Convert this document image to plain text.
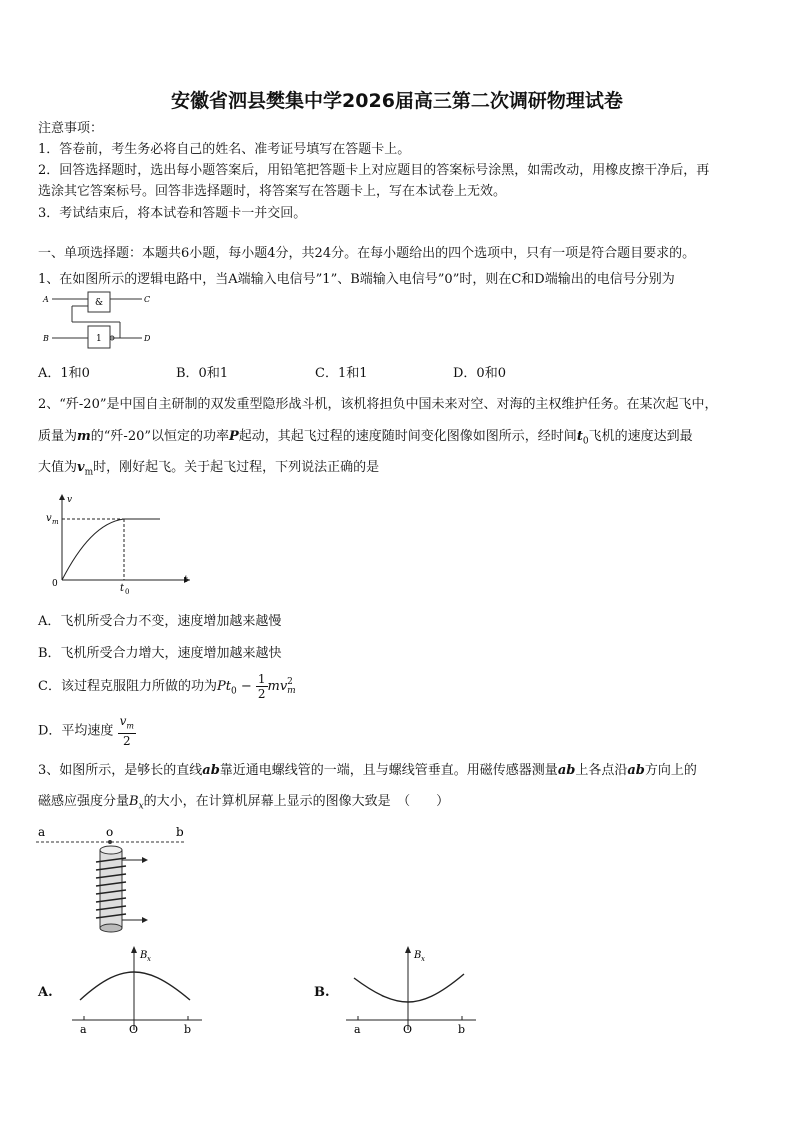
安徽省泗县樊集中学2026届高三第二次调研物理试卷
注意事项：
1．答卷前，考生务必将自己的姓名、准考证号填写在答题卡上。
2．回答选择题时，选出每小题答案后，用铅笔把答题卡上对应题目的答案标号涂黑，如需改动，用橡皮擦干净后，再
选涂其它答案标号。回答非选择题时，将答案写在答题卡上，写在本试卷上无效。
3．考试结束后，将本试卷和答题卡一并交回。
一、单项选择题：本题共6小题，每小题4分，共24分。在每小题给出的四个选项中，只有一项是符合题目要求的。
1、在如图所示的逻辑电路中，当A端输入电信号”1”、B端输入电信号”0”时，则在C和D端输出的电信号分别为
A
B
C
D
&
1
A．1和0	B．0和1	C．1和1	D．0和0
2、“歼-20”是中国自主研制的双发重型隐形战斗机，该机将担负中国未来对空、对海的主权维护任务。在某次起飞中，
质量为m的“歼-20”以恒定的功率P起动，其起飞过程的速度随时间变化图像如图所示，经时间$t_0$飞机的速度达到最
大值为$v_m$时，刚好起飞。关于起飞过程，下列说法正确的是
v
t
0
v m
t 0
A．飞机所受合力不变，速度增加越来越慢
B．飞机所受合力增大，速度增加越来越快
C．该过程克服阻力所做的功为$Pt_0 - \frac{1}{2}$ mv 2
m
D．平均速度 $\frac{v_m}{2}$
3、如图所示，是够长的直线ab靠近通电螺线管的一端，且与螺线管垂直。用磁传感器测量ab上各点沿ab方向上的
磁感应强度分量$B_x$的大小，在计算机屏幕上显示的图像大致是　（　　）
a	o	b
A.
B x
a	O	b
B.
B x
a	O	b
